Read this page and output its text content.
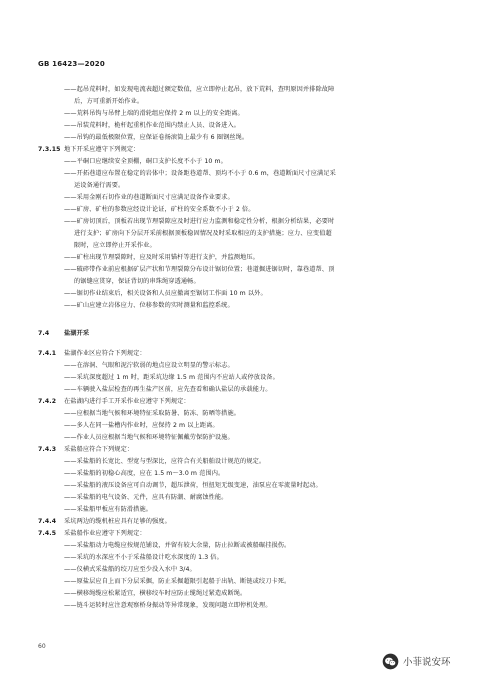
GB 16423—2020
——起吊荒料时，如发现电流表超过额定数值，应立即停止起吊，放下荒料，查明原因并排除故障
后，方可重新开始作业。
——荒料吊钩与吊臂上端的滑轮组应保持 2 m 以上的安全距离。
——吊装荒料时，桅杆起重机作业范围内禁止人员、设备进入。
——吊钩的最低极限位置，应保证卷扬滚筒上最少有 6 圈钢丝绳。
7.3.15 地下开采应遵守下列规定：
——平硐口应继续安全顶棚，硐口支护长度不小于 10 m。
——开拓巷道应布置在稳定的岩体中；设备距巷道帮、顶均不小于 0.6 m，巷道断面尺寸应满足采
运设备通行需要。
——采用金刚石切作业的巷道断面尺寸应满足设备作业要求。
——矿房、矿柱的参数应经设计论证，矿柱的安全系数不小于 2 倍。
——矿房切顶后，顶板若出现节理裂隙应及时进行应力监测和稳定性分析，根据分析结果，必要时
进行支护；矿房向下分层开采前根据顶板稳固情况及时采取相应的支护措施；应力、应变值超
限时，应立即停止开采作业。
——矿柱出现节理裂隙时，应及时采用锚杆等进行支护，并监测地压。
——破碎带作业前应根据矿层产状和节理裂隙分布设计锯切位置；巷道掘进锯切时，靠巷道帮、顶
的锯缝应贯穿，保证背切的串珠绳穿透通畅。
——锯切作业结束后，相关设备和人员应撤离至锯切工作面 10 m 以外。
——矿山应建立岩体应力、位移参数的实时测量和监控系统。
7.4 盐湖开采
7.4.1 盐湖作业区应符合下列规定：
——在溶洞、气眼和泥泞软弱的地点应设立明显的警示标志。
——采坑深度超过 1 m 时，距采坑边缘 1.5 m 范围内不应站人或停放设备。
——车辆驶入盐层检查的再生盐产区前，应先查看和确认盐层的承载能力。
7.4.2 在盐湖内进行手工开采作业应遵守下列规定：
——应根据当地气候和环境特征采取防暑、防冻、防晒等措施。
——多人在同一盐槽内作业时，应保持 2 m 以上距离。
——作业人员应根据当地气候和环境特征佩戴劳保防护设施。
7.4.3 采盐船应符合下列规定：
——采盐船的长宽比、型宽与型深比，应符合有关船舶设计规范的规定。
——采盐船的初稳心高度，应在 1.5 m～3.0 m 范围内。
——采盐船的液压设备应可自动调节，超压泄荷，恒扭矩无级变速，油泵应在零流量时起动。
——采盐船的电气设备、元件，应具有防潮、耐腐蚀性能。
——采盐船甲板应有防滑措施。
7.4.4 采坑两边的缆机桩应具有足够的强度。
7.4.5 采盐船作业应遵守下列规定：
——采盐船动力电缆应按规范铺设，并留有较大余量，防止拉断或被船碾挂损伤。
——采坑的水深应不小于采盐船设计吃水深度的 1.3 倍。
——仪横式采盐船的绞刀应至少没入水中 3/4。
——原盐层应自上而下分层采掘，防止采掘超限引起船于出轨、断链或绞刀卡死。
——横移绳缆应松紧适宜，横移绞车时应防止缆绳过紧造成断绳。
——链斗运转时应注意观察桥身振动等异常现象，发现问题立即停机处理。
60
小菲说安环
